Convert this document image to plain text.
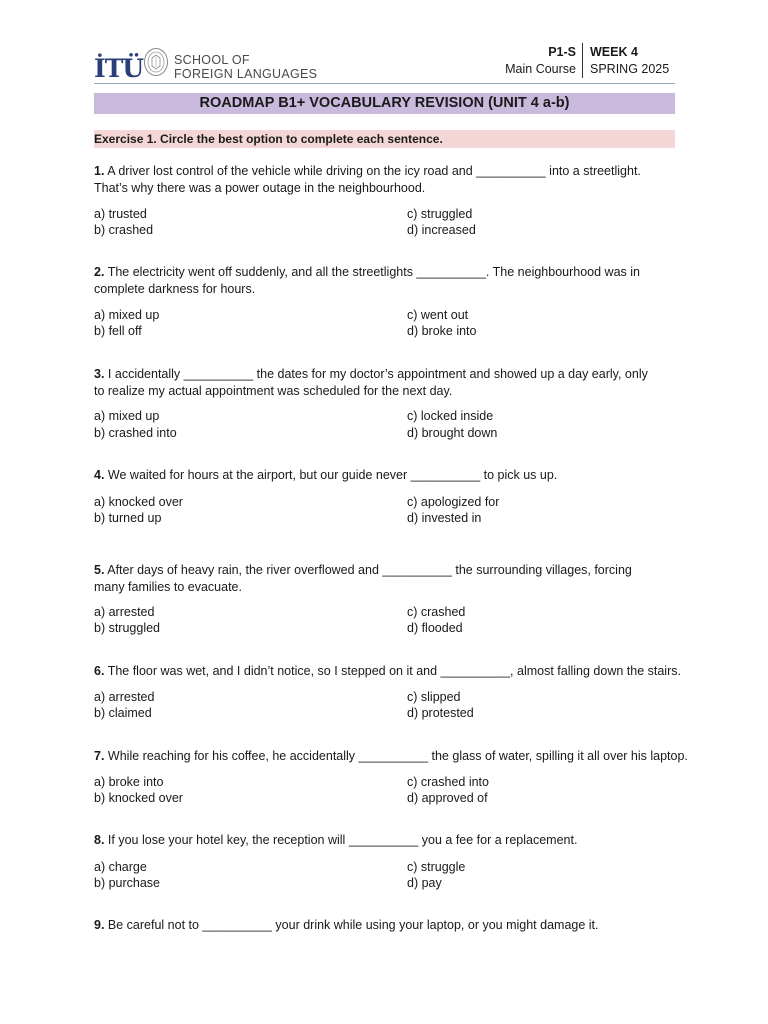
İTÜ SCHOOL OF
FOREIGN LANGUAGES
P1-S
Main Course
WEEK 4
SPRING 2025
ROADMAP B1+ VOCABULARY REVISION (UNIT 4 a-b)
Exercise 1. Circle the best option to complete each sentence.
1. A driver lost control of the vehicle while driving on the icy road and __________ into a streetlight.
That’s why there was a power outage in the neighbourhood.
a) trusted
b) crashed
c) struggled
d) increased
2. The electricity went off suddenly, and all the streetlights __________. The neighbourhood was in
complete darkness for hours.
a) mixed up
b) fell off
c) went out
d) broke into
3. I accidentally __________ the dates for my doctor’s appointment and showed up a day early, only
to realize my actual appointment was scheduled for the next day.
a) mixed up
b) crashed into
c) locked inside
d) brought down
4. We waited for hours at the airport, but our guide never __________ to pick us up.
a) knocked over
b) turned up
c) apologized for
d) invested in
5. After days of heavy rain, the river overflowed and __________ the surrounding villages, forcing
many families to evacuate.
a) arrested
b) struggled
c) crashed
d) flooded
6. The floor was wet, and I didn’t notice, so I stepped on it and __________, almost falling down the stairs.
a) arrested
b) claimed
c) slipped
d) protested
7. While reaching for his coffee, he accidentally __________ the glass of water, spilling it all over his laptop.
a) broke into
b) knocked over
c) crashed into
d) approved of
8. If you lose your hotel key, the reception will __________ you a fee for a replacement.
a) charge
b) purchase
c) struggle
d) pay
9. Be careful not to __________ your drink while using your laptop, or you might damage it.
